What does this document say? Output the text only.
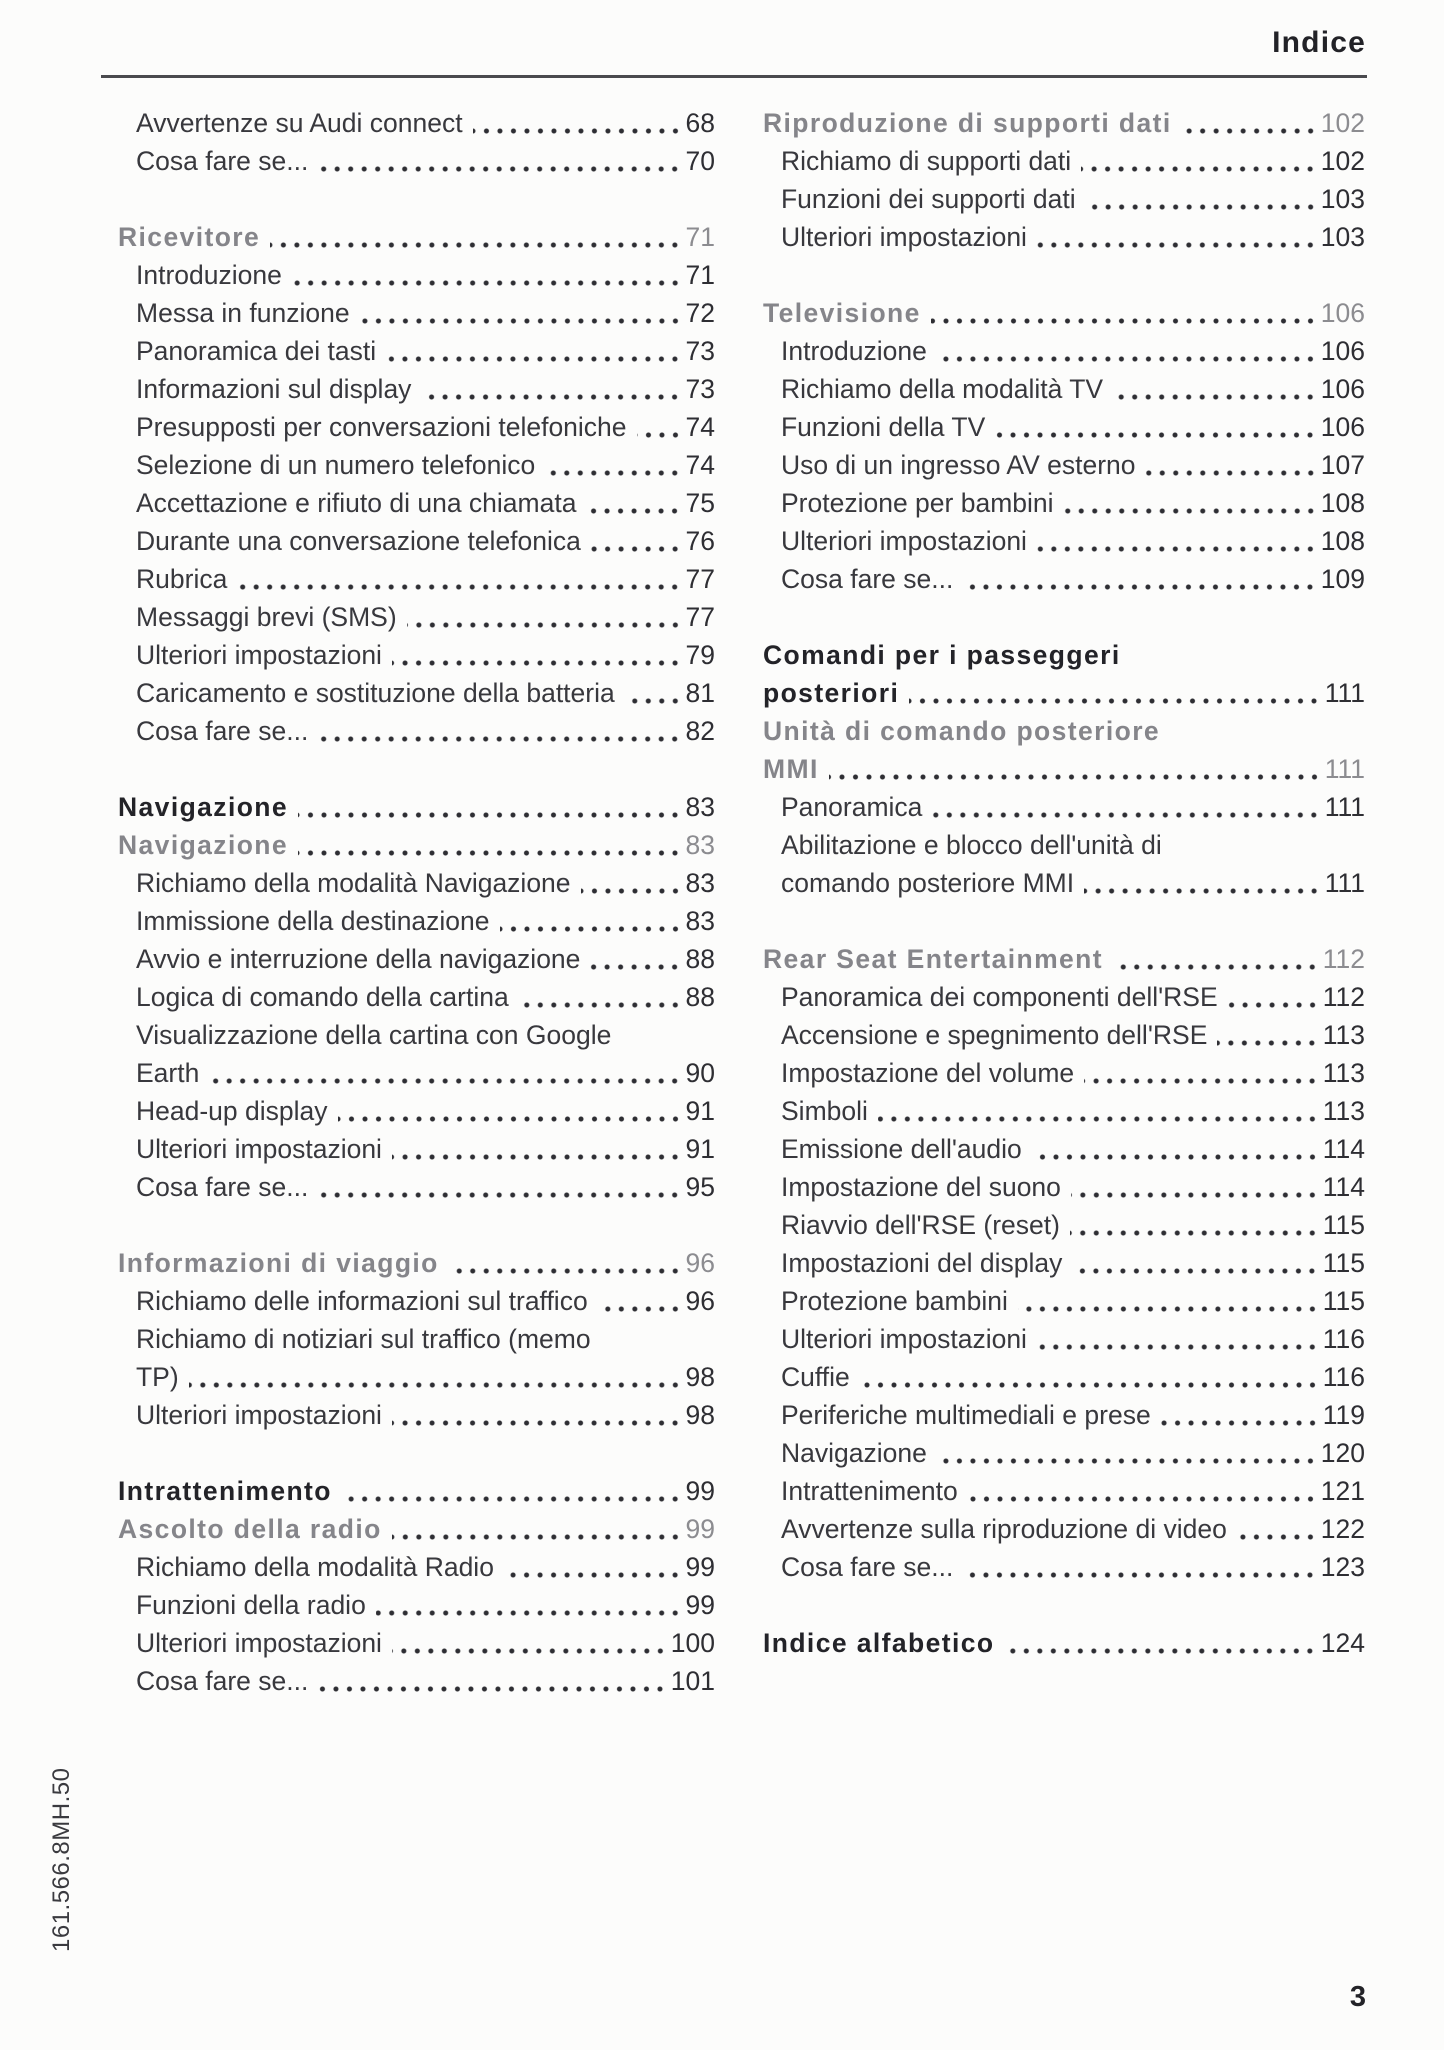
Indice
Avvertenze su Audi connect	68
Cosa fare se...	70
Ricevitore	71
Introduzione	71
Messa in funzione	72
Panoramica dei tasti	73
Informazioni sul display	73
Presupposti per conversazioni telefoniche 74
Selezione di un numero telefonico	74
Accettazione e rifiuto di una chiamata	75
Durante una conversazione telefonica	76
Rubrica	77
Messaggi brevi (SMS)	77
Ulteriori impostazioni	79
Caricamento e sostituzione della batteria	81
Cosa fare se...	82
Navigazione	83
Navigazione	83
Richiamo della modalità Navigazione	83
Immissione della destinazione	83
Avvio e interruzione della navigazione	88
Logica di comando della cartina	88
Visualizzazione della cartina con Google
Earth	90
Head-up display	91
Ulteriori impostazioni	91
Cosa fare se...	95
Informazioni di viaggio	96
Richiamo delle informazioni sul traffico	96
Richiamo di notiziari sul traffico (memo
TP)	98
Ulteriori impostazioni	98
Intrattenimento	99
Ascolto della radio	99
Richiamo della modalità Radio	99
Funzioni della radio	99
Ulteriori impostazioni	100
Cosa fare se...	101
Riproduzione di supporti dati	102
Richiamo di supporti dati	102
Funzioni dei supporti dati	103
Ulteriori impostazioni	103
Televisione	106
Introduzione	106
Richiamo della modalità TV	106
Funzioni della TV	106
Uso di un ingresso AV esterno	107
Protezione per bambini	108
Ulteriori impostazioni	108
Cosa fare se...	109
Comandi per i passeggeri
posteriori	111
Unità di comando posteriore
MMI	111
Panoramica	111
Abilitazione e blocco dell'unità di
comando posteriore MMI	111
Rear Seat Entertainment	112
Panoramica dei componenti dell'RSE	112
Accensione e spegnimento dell'RSE	113
Impostazione del volume	113
Simboli	113
Emissione dell'audio	114
Impostazione del suono	114
Riavvio dell'RSE (reset)	115
Impostazioni del display	115
Protezione bambini	115
Ulteriori impostazioni	116
Cuffie	116
Periferiche multimediali e prese	119
Navigazione	120
Intrattenimento	121
Avvertenze sulla riproduzione di video	122
Cosa fare se...	123
Indice alfabetico	124
161.566.8MH.50
3
